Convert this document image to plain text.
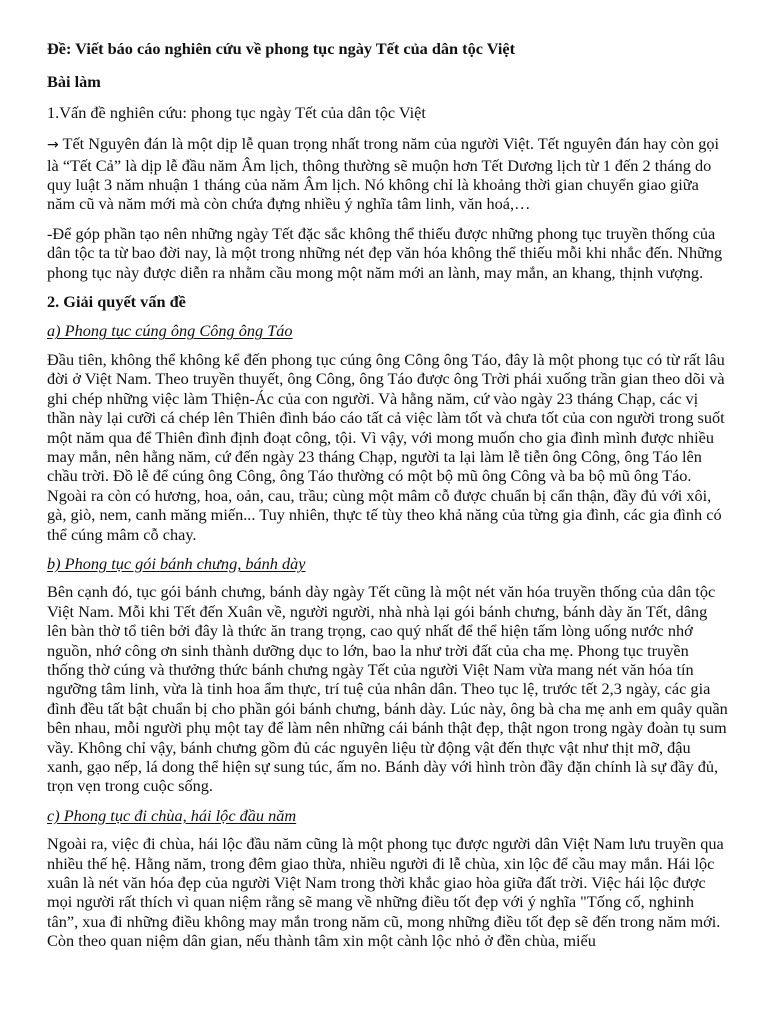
Đề: Viết báo cáo nghiên cứu về phong tục ngày Tết của dân tộc Việt

Bài làm

1.Vấn đề nghiên cứu: phong tục ngày Tết của dân tộc Việt

→ Tết Nguyên đán là một dịp lễ quan trọng nhất trong năm của người Việt. Tết nguyên đán hay còn gọi là “Tết Cả” là dịp lễ đầu năm Âm lịch, thông thường sẽ muộn hơn Tết Dương lịch từ 1 đến 2 tháng do quy luật 3 năm nhuận 1 tháng của năm Âm lịch. Nó không chỉ là khoảng thời gian chuyển giao giữa năm cũ và năm mới mà còn chứa đựng nhiều ý nghĩa tâm linh, văn hoá,…

-Để góp phần tạo nên những ngày Tết đặc sắc không thể thiếu được những phong tục truyền thống của dân tộc ta từ bao đời nay, là một trong những nét đẹp văn hóa không thể thiếu mỗi khi nhắc đến. Những phong tục này được diễn ra nhằm cầu mong một năm mới an lành, may mắn, an khang, thịnh vượng.

2. Giải quyết vấn đề

a) Phong tục cúng ông Công ông Táo

Đầu tiên, không thể không kể đến phong tục cúng ông Công ông Táo, đây là một phong tục có từ rất lâu đời ở Việt Nam. Theo truyền thuyết, ông Công, ông Táo được ông Trời phái xuống trần gian theo dõi và ghi chép những việc làm Thiện-Ác của con người. Và hằng năm, cứ vào ngày 23 tháng Chạp, các vị thần này lại cưỡi cá chép lên Thiên đình báo cáo tất cả việc làm tốt và chưa tốt của con người trong suốt một năm qua để Thiên đình định đoạt công, tội. Vì vậy, với mong muốn cho gia đình mình được nhiều may mắn, nên hằng năm, cứ đến ngày 23 tháng Chạp, người ta lại làm lễ tiễn ông Công, ông Táo lên chầu trời. Đồ lễ để cúng ông Công, ông Táo thường có một bộ mũ ông Công và ba bộ mũ ông Táo. Ngoài ra còn có hương, hoa, oản, cau, trầu; cùng một mâm cỗ được chuẩn bị cẩn thận, đầy đủ với xôi, gà, giò, nem, canh măng miến... Tuy nhiên, thực tế tùy theo khả năng của từng gia đình, các gia đình có thể cúng mâm cỗ chay.

b) Phong tục gói bánh chưng, bánh dày

Bên cạnh đó, tục gói bánh chưng, bánh dày ngày Tết cũng là một nét văn hóa truyền thống của dân tộc Việt Nam. Mỗi khi Tết đến Xuân về, người người, nhà nhà lại gói bánh chưng, bánh dày ăn Tết, dâng lên bàn thờ tổ tiên bởi đây là thức ăn trang trọng, cao quý nhất để thể hiện tấm lòng uống nước nhớ nguồn, nhớ công ơn sinh thành dưỡng dục to lớn, bao la như trời đất của cha mẹ. Phong tục truyền thống thờ cúng và thưởng thức bánh chưng ngày Tết của người Việt Nam vừa mang nét văn hóa tín ngưỡng tâm linh, vừa là tinh hoa ẩm thực, trí tuệ của nhân dân. Theo tục lệ, trước tết 2,3 ngày, các gia đình đều tất bật chuẩn bị cho phần gói bánh chưng, bánh dày. Lúc này, ông bà cha mẹ anh em quây quần bên nhau, mỗi người phụ một tay để làm nên những cái bánh thật đẹp, thật ngon trong ngày đoàn tụ sum vầy. Không chỉ vậy, bánh chưng gồm đủ các nguyên liệu từ động vật đến thực vật như thịt mỡ, đậu xanh, gạo nếp, lá dong thể hiện sự sung túc, ấm no. Bánh dày với hình tròn đầy đặn chính là sự đầy đủ, trọn vẹn trong cuộc sống.

c) Phong tục đi chùa, hái lộc đầu năm

Ngoài ra, việc đi chùa, hái lộc đầu năm cũng là một phong tục được người dân Việt Nam lưu truyền qua nhiều thế hệ. Hằng năm, trong đêm giao thừa, nhiều người đi lễ chùa, xin lộc để cầu may mắn. Hái lộc xuân là nét văn hóa đẹp của người Việt Nam trong thời khắc giao hòa giữa đất trời. Việc hái lộc được mọi người rất thích vì quan niệm rằng sẽ mang về những điều tốt đẹp với ý nghĩa "Tống cố, nghinh tân”, xua đi những điều không may mắn trong năm cũ, mong những điều tốt đẹp sẽ đến trong năm mới. Còn theo quan niệm dân gian, nếu thành tâm xin một cành lộc nhỏ ở đền chùa, miếu
